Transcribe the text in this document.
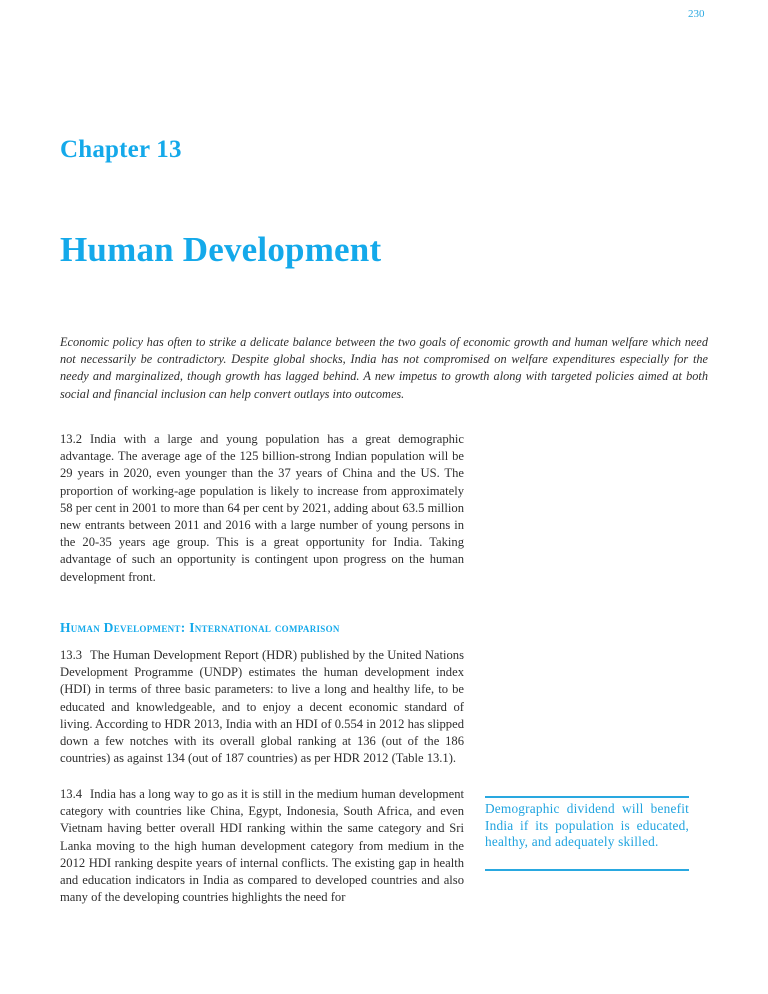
230
Chapter 13
Human Development

Economic policy has often to strike a delicate balance between the two goals of economic growth and human welfare which need not necessarily be contradictory. Despite global shocks, India has not compromised on welfare expenditures especially for the needy and marginalized, though growth has lagged behind. A new impetus to growth along with targeted policies aimed at both social and financial inclusion can help convert outlays into outcomes.

13.2 India with a large and young population has a great demographic advantage. The average age of the 125 billion-strong Indian population will be 29 years in 2020, even younger than the 37 years of China and the US. The proportion of working-age population is likely to increase from approximately 58 per cent in 2001 to more than 64 per cent by 2021, adding about 63.5 million new entrants between 2011 and 2016 with a large number of young persons in the 20-35 years age group. This is a great opportunity for India. Taking advantage of such an opportunity is contingent upon progress on the human development front.

Human Development: International comparison

13.3 The Human Development Report (HDR) published by the United Nations Development Programme (UNDP) estimates the human development index (HDI) in terms of three basic parameters: to live a long and healthy life, to be educated and knowledgeable, and to enjoy a decent economic standard of living. According to HDR 2013, India with an HDI of 0.554 in 2012 has slipped down a few notches with its overall global ranking at 136 (out of the 186 countries) as against 134 (out of 187 countries) as per HDR 2012 (Table 13.1).

13.4 India has a long way to go as it is still in the medium human development category with countries like China, Egypt, Indonesia, South Africa, and even Vietnam having better overall HDI ranking within the same category and Sri Lanka moving to the high human development category from medium in the 2012 HDI ranking despite years of internal conflicts. The existing gap in health and education indicators in India as compared to developed countries and also many of the developing countries highlights the need for

Demographic dividend will benefit India if its population is educated, healthy, and adequately skilled.
